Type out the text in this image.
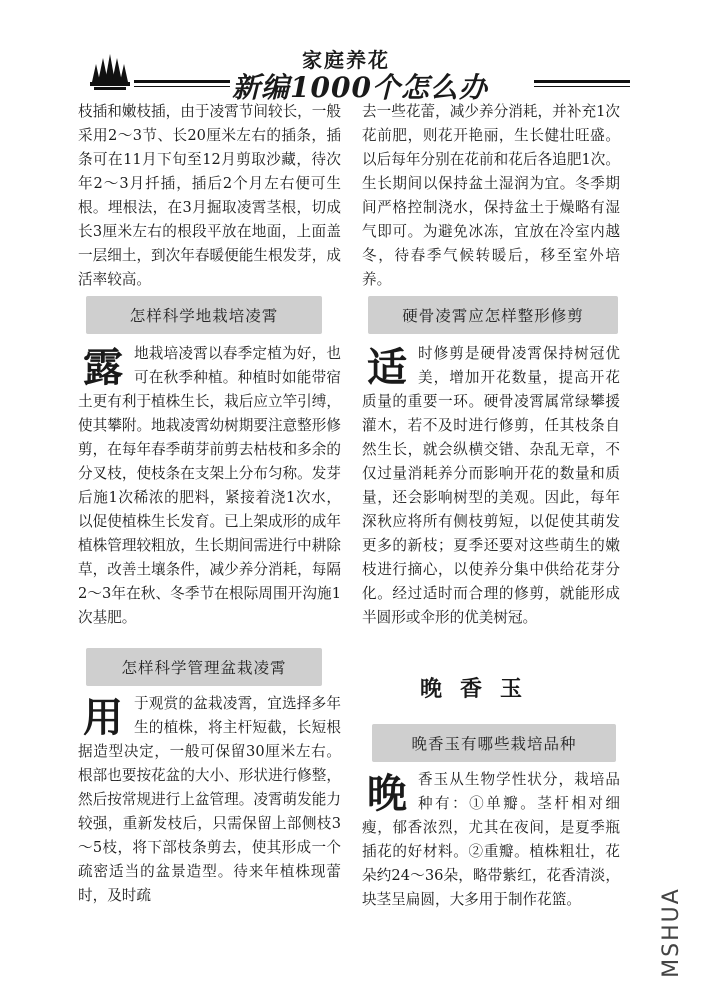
家庭养花
新编1000个怎么办

枝插和嫩枝插，由于凌霄节间较长，一般采用2～3节、长20厘米左右的插条，插条可在11月下旬至12月剪取沙藏，待次年2～3月扦插，插后2个月左右便可生根。埋根法，在3月掘取凌霄茎根，切成长3厘米左右的根段平放在地面，上面盖一层细土，到次年春暖便能生根发芽，成活率较高。

怎样科学地栽培凌霄
露 地栽培凌霄以春季定植为好，也可在秋季种植。种植时如能带宿土更有利于植株生长，栽后应立竿引缚，使其攀附。地栽凌霄幼树期要注意整形修剪，在每年春季萌芽前剪去枯枝和多余的分叉枝，使枝条在支架上分布匀称。发芽后施1次稀浓的肥料，紧接着浇1次水，以促使植株生长发育。已上架成形的成年植株管理较粗放，生长期间需进行中耕除草，改善土壤条件，减少养分消耗，每隔2～3年在秋、冬季节在根际周围开沟施1次基肥。

怎样科学管理盆栽凌霄
用 于观赏的盆栽凌霄，宜选择多年生的植株，将主杆短截，长短根据造型决定，一般可保留30厘米左右。根部也要按花盆的大小、形状进行修整，然后按常规进行上盆管理。凌霄萌发能力较强，重新发枝后，只需保留上部侧枝3～5枝，将下部枝条剪去，使其形成一个疏密适当的盆景造型。待来年植株现蕾时，及时疏

去一些花蕾，减少养分消耗，并补充1次花前肥，则花开艳丽，生长健壮旺盛。以后每年分别在花前和花后各追肥1次。生长期间以保持盆土湿润为宜。冬季期间严格控制浇水，保持盆土于燥略有湿气即可。为避免冰冻，宜放在冷室内越冬，待春季气候转暖后，移至室外培养。

硬骨凌霄应怎样整形修剪
适 时修剪是硬骨凌霄保持树冠优美，增加开花数量，提高开花质量的重要一环。硬骨凌霄属常绿攀援灌木，若不及时进行修剪，任其枝条自然生长，就会纵横交错、杂乱无章，不仅过量消耗养分而影响开花的数量和质量，还会影响树型的美观。因此，每年深秋应将所有侧枝剪短，以促使其萌发更多的新枝；夏季还要对这些萌生的嫩枝进行摘心，以使养分集中供给花芽分化。经过适时而合理的修剪，就能形成半圆形或伞形的优美树冠。

晚香玉
晚香玉有哪些栽培品种
晚 香玉从生物学性状分，栽培品种有：①单瓣。茎杆相对细瘦，郁香浓烈，尤其在夜间，是夏季瓶插花的好材料。②重瓣。植株粗壮，花朵约24～36朵，略带紫红，花香清淡，块茎呈扁圆，大多用于制作花篮。	MSHUA
